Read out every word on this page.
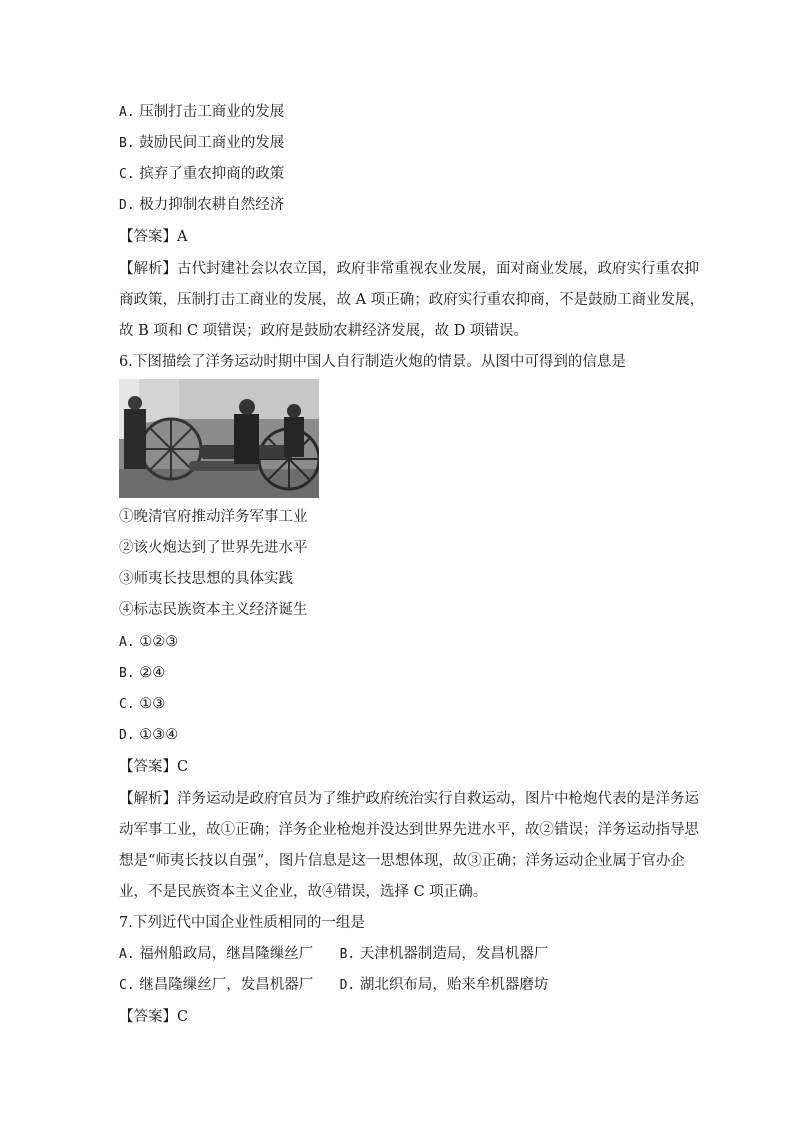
A. 压制打击工商业的发展
B. 鼓励民间工商业的发展
C. 摈弃了重农抑商的政策
D. 极力抑制农耕自然经济
【答案】A
【解析】古代封建社会以农立国，政府非常重视农业发展，面对商业发展，政府实行重农抑
商政策，压制打击工商业的发展，故 A 项正确；政府实行重农抑商，不是鼓励工商业发展，
故 B 项和 C 项错误；政府是鼓励农耕经济发展，故 D 项错误。
6.下图描绘了洋务运动时期中国人自行制造火炮的情景。从图中可得到的信息是
①晚清官府推动洋务军事工业
②该火炮达到了世界先进水平
③师夷长技思想的具体实践
④标志民族资本主义经济诞生
A. ①②③
B. ②④
C. ①③
D. ①③④
【答案】C
【解析】洋务运动是政府官员为了维护政府统治实行自救运动，图片中枪炮代表的是洋务运
动军事工业，故①正确；洋务企业枪炮并没达到世界先进水平，故②错误；洋务运动指导思
想是“师夷长技以自强”，图片信息是这一思想体现，故③正确；洋务运动企业属于官办企
业，不是民族资本主义企业，故④错误，选择 C 项正确。
7.下列近代中国企业性质相同的一组是
A. 福州船政局，继昌隆缫丝厂 B. 天津机器制造局，发昌机器厂
C. 继昌隆缫丝厂，发昌机器厂 D. 湖北织布局，贻来牟机器磨坊
【答案】C
